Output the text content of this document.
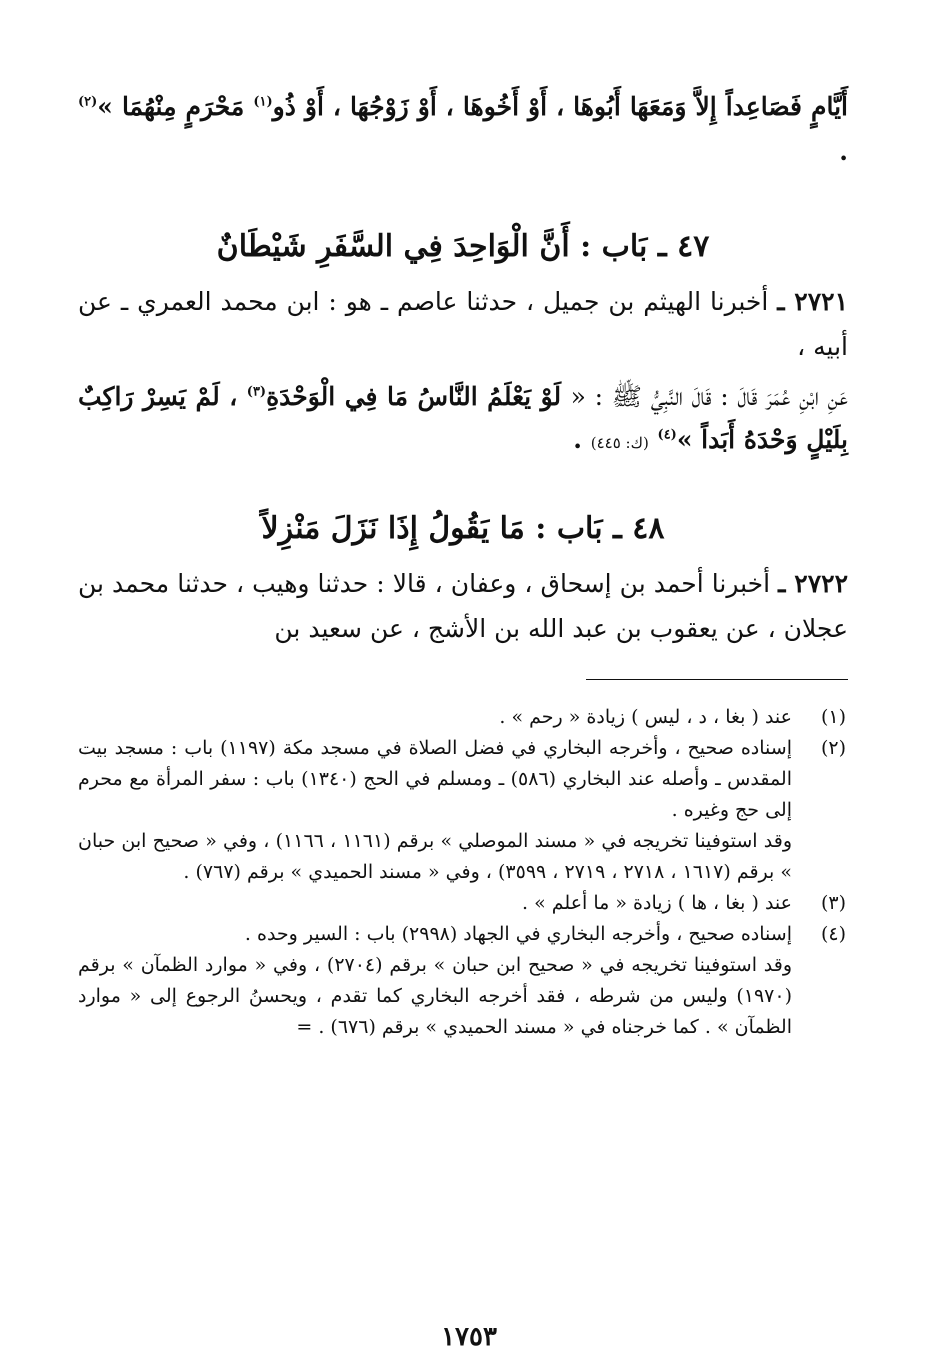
أَيَّامٍ فَصَاعِداً إِلاَّ وَمَعَهَا أَبُوهَا ، أَوْ أَخُوهَا ، أَوْ زَوْجُهَا ، أَوْ ذُو$^{(١)}$ مَحْرَمٍ مِنْهُمَا »$^{(٢)}$ .

٤٧ ـ بَاب : أَنَّ الْوَاحِدَ فِي السَّفَرِ شَيْطَانٌ

٢٧٢١ ـ أخبرنا الهيثم بن جميل ، حدثنا عاصم ـ هو : ابن محمد العمري ـ عن أبيه ،

عَنِ ابْنِ عُمَرَ قَالَ : قَالَ النَّبِيُّ ﷺ : « لَوْ يَعْلَمُ النَّاسُ مَا فِي الْوَحْدَةِ$^{(٣)}$ ، لَمْ يَسِرْ رَاكِبٌ بِلَيْلٍ وَحْدَهُ أَبَداً »$^{(٤)}$ (ك: ٤٤٥) .

٤٨ ـ بَاب : مَا يَقُولُ إِذَا نَزَلَ مَنْزِلاً

٢٧٢٢ ـ أخبرنا أحمد بن إسحاق ، وعفان ، قالا : حدثنا وهيب ، حدثنا محمد بن عجلان ، عن يعقوب بن عبد الله بن الأشج ، عن سعيد بن

(١)

عند ( بغا ، د ، ليس ) زيادة « رحم » .

(٢)

إسناده صحيح ، وأخرجه البخاري في فضل الصلاة في مسجد مكة (١١٩٧) باب : مسجد بيت المقدس ـ وأصله عند البخاري (٥٨٦) ـ ومسلم في الحج (١٣٤٠) باب : سفر المرأة مع محرم إلى حج وغيره .

وقد استوفينا تخريجه في « مسند الموصلي » برقم (١١٦١ ، ١١٦٦) ، وفي « صحيح ابن حبان » برقم (١٦١٧ ، ٢٧١٨ ، ٢٧١٩ ، ٣٥٩٩) ، وفي « مسند الحميدي » برقم (٧٦٧) .

(٣)

عند ( بغا ، ها ) زيادة « ما أعلم » .

(٤)

إسناده صحيح ، وأخرجه البخاري في الجهاد (٢٩٩٨) باب : السير وحده .

وقد استوفينا تخريجه في « صحيح ابن حبان » برقم (٢٧٠٤) ، وفي « موارد الظمآن » برقم (١٩٧٠) وليس من شرطه ، فقد أخرجه البخاري كما تقدم ، ويحسنُ الرجوع إلى « موارد الظمآن » . كما خرجناه في « مسند الحميدي » برقم (٦٧٦) . =

١٧٥٣
